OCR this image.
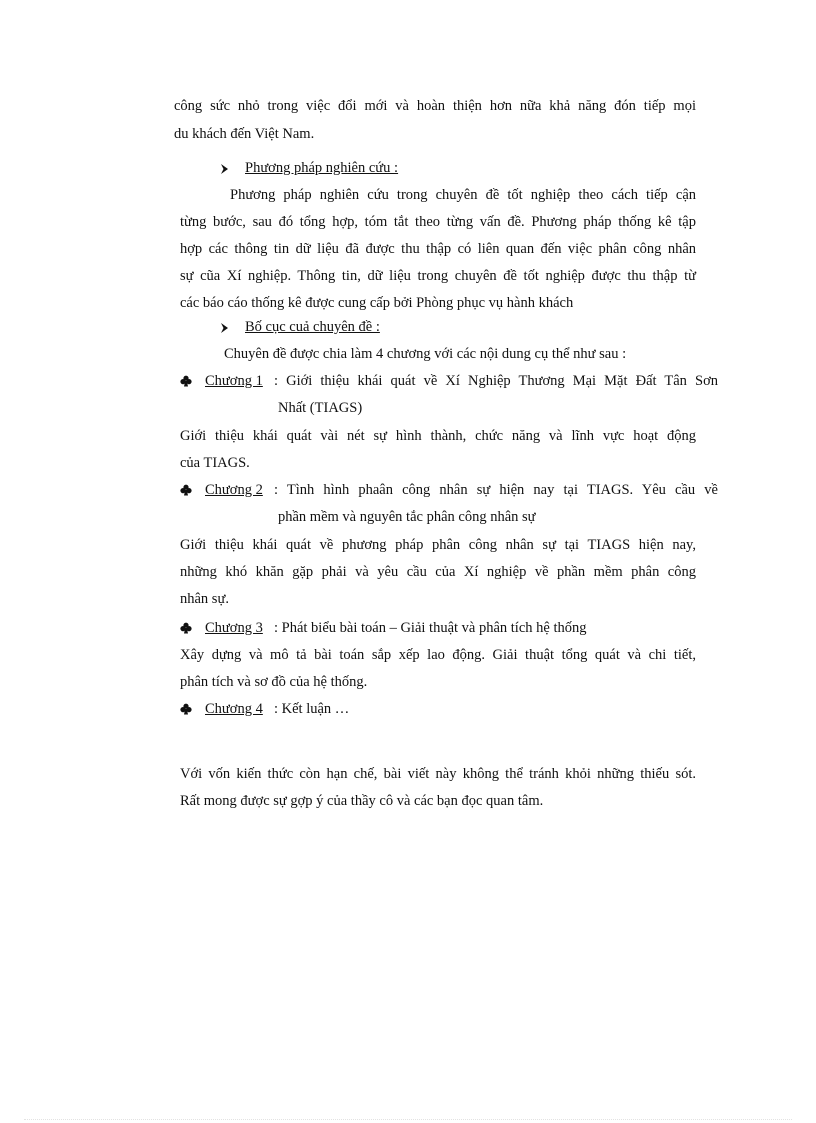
công sức nhỏ trong việc đổi mới và hoàn thiện hơn nữa khả năng đón tiếp mọi
du khách đến Việt Nam.
Phương pháp nghiên cứu :
Phương pháp nghiên cứu trong chuyên đề tốt nghiệp theo cách tiếp cận
từng bước, sau đó tổng hợp, tóm tắt theo từng vấn đề. Phương pháp thống kê tập
hợp các thông tin dữ liệu đã được thu thập có liên quan đến việc phân công nhân
sự cũa Xí nghiệp. Thông tin, dữ liệu trong chuyên đề tốt nghiệp được thu thập từ
các báo cáo thống kê được cung cấp bởi Phòng phục vụ hành khách
Bố cục cuả chuyên đề :
Chuyên đề được chia làm 4 chương với các nội dung cụ thể như sau :
Chương 1 : Giới thiệu khái quát về Xí Nghiệp Thương Mại Mặt Đất Tân Sơn
Nhất (TIAGS)
Giới thiệu khái quát vài nét sự hình thành, chức năng và lĩnh vực hoạt động
của TIAGS.
Chương 2 : Tình hình phaân công nhân sự hiện nay tại TIAGS. Yêu cầu về
phần mềm và nguyên tắc phân công nhân sự
Giới thiệu khái quát về phương pháp phân công nhân sự tại TIAGS hiện nay,
những khó khăn gặp phải và yêu cầu của Xí nghiệp về phần mềm phân công
nhân sự.
Chương 3 : Phát biểu bài toán – Giải thuật và phân tích hệ thống
Xây dựng và mô tả bài toán sắp xếp lao động. Giải thuật tổng quát và chi tiết,
phân tích và sơ đồ của hệ thống.
Chương 4 : Kết luận …
Với vốn kiến thức còn hạn chế, bài viết này không thể tránh khỏi những thiếu sót.
Rất mong được sự gợp ý của thầy cô và các bạn đọc quan tâm.
